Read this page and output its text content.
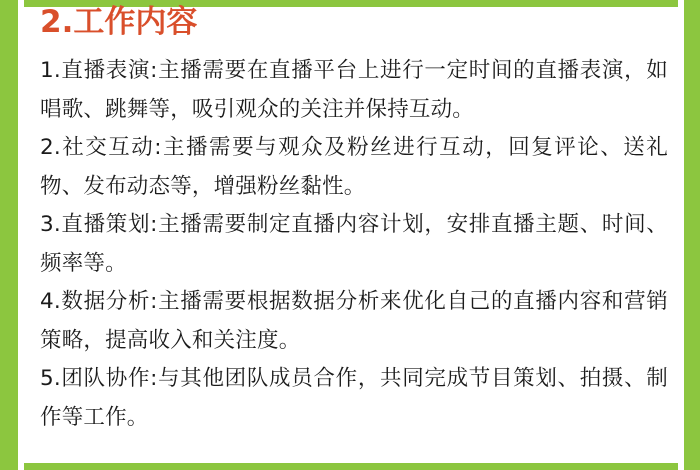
2.工作内容

1.直播表演:主播需要在直播平台上进行一定时间的直播表演，如唱歌、跳舞等，吸引观众的关注并保持互动。

2.社交互动:主播需要与观众及粉丝进行互动，回复评论、送礼物、发布动态等，增强粉丝黏性。

3.直播策划:主播需要制定直播内容计划，安排直播主题、时间、频率等。

4.数据分析:主播需要根据数据分析来优化自己的直播内容和营销策略，提高收入和关注度。

5.团队协作:与其他团队成员合作，共同完成节目策划、拍摄、制作等工作。
